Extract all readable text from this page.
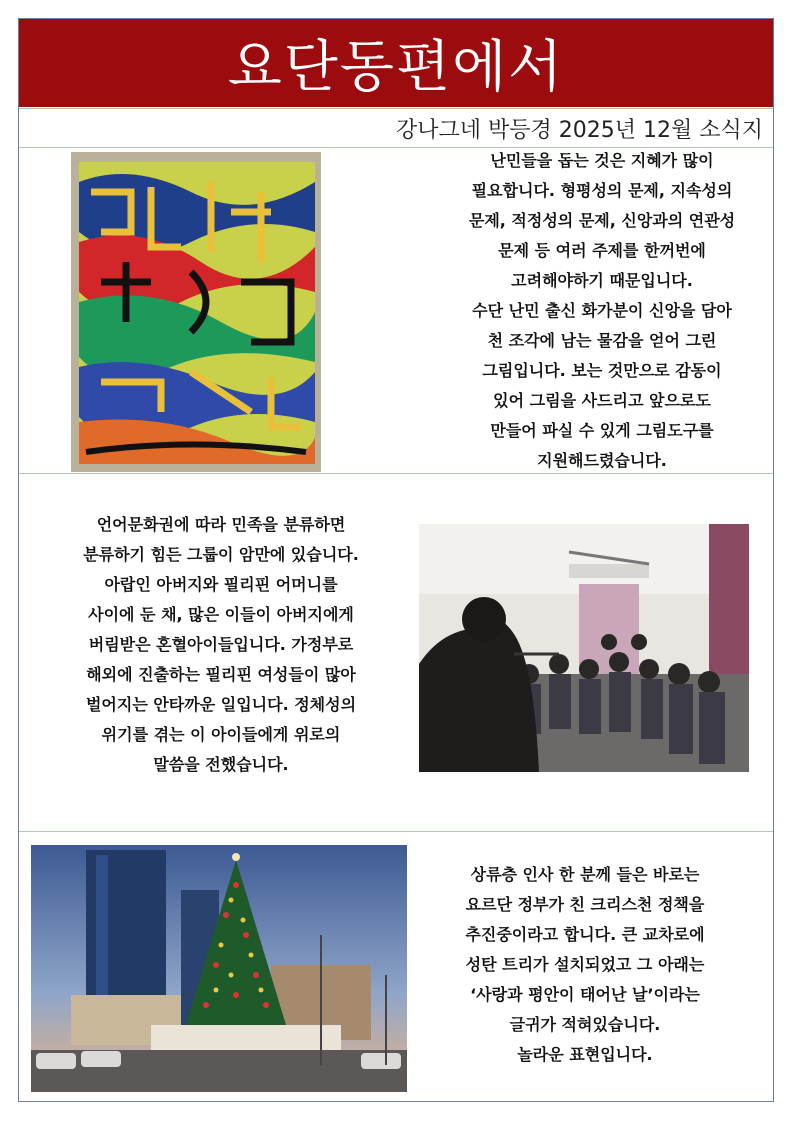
요단동편에서
강나그네 박등경 2025년 12월 소식지

난민들을 돕는 것은 지혜가 많이

필요합니다. 형평성의 문제, 지속성의

문제, 적정성의 문제, 신앙과의 연관성

문제 등 여러 주제를 한꺼번에

고려해야하기 때문입니다.

수단 난민 출신 화가분이 신앙을 담아

천 조각에 남는 물감을 얻어 그린

그림입니다. 보는 것만으로 감동이

있어 그림을 사드리고 앞으로도

만들어 파실 수 있게 그림도구를

지원해드렸습니다.

언어문화권에 따라 민족을 분류하면

분류하기 힘든 그룹이 암만에 있습니다.

아랍인 아버지와 필리핀 어머니를

사이에 둔 채, 많은 이들이 아버지에게

버림받은 혼혈아이들입니다. 가정부로

해외에 진출하는 필리핀 여성들이 많아

벌어지는 안타까운 일입니다. 정체성의

위기를 겪는 이 아이들에게 위로의

말씀을 전했습니다.

상류층 인사 한 분께 들은 바로는

요르단 정부가 친 크리스천 정책을

추진중이라고 합니다. 큰 교차로에

성탄 트리가 설치되었고 그 아래는

‘사랑과 평안이 태어난 날’이라는

글귀가 적혀있습니다.

놀라운 표현입니다.
